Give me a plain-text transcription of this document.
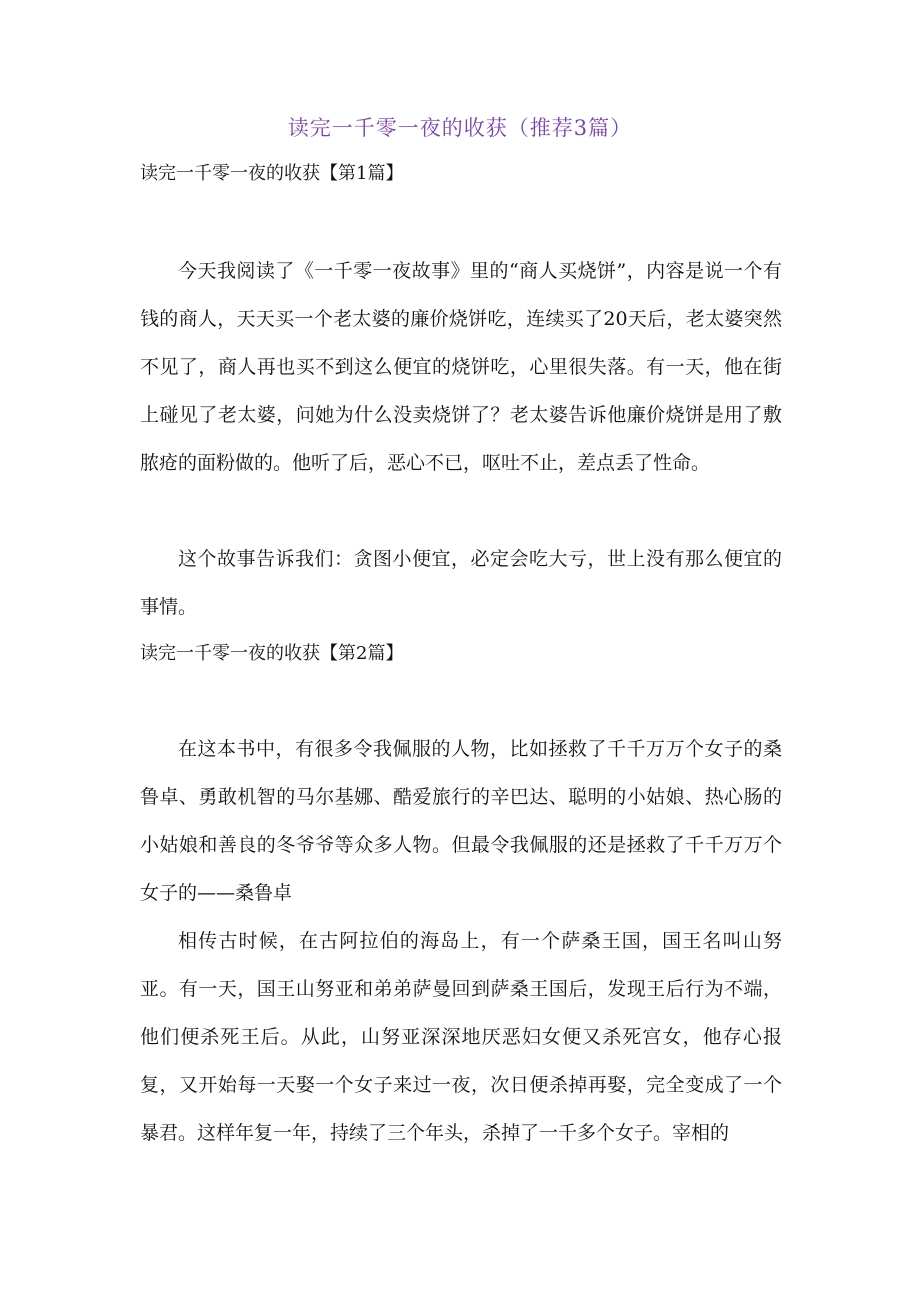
读完一千零一夜的收获（推荐3篇）
读完一千零一夜的收获【第1篇】

今天我阅读了《一千零一夜故事》里的“商人买烧饼”，内容是说一个有钱的商人，天天买一个老太婆的廉价烧饼吃，连续买了20天后，老太婆突然不见了，商人再也买不到这么便宜的烧饼吃，心里很失落。有一天，他在街上碰见了老太婆，问她为什么没卖烧饼了？老太婆告诉他廉价烧饼是用了敷脓疮的面粉做的。他听了后，恶心不已，呕吐不止，差点丢了性命。

这个故事告诉我们：贪图小便宜，必定会吃大亏，世上没有那么便宜的事情。

读完一千零一夜的收获【第2篇】

在这本书中，有很多令我佩服的人物，比如拯救了千千万万个女子的桑鲁卓、勇敢机智的马尔基娜、酷爱旅行的辛巴达、聪明的小姑娘、热心肠的小姑娘和善良的冬爷爷等众多人物。但最令我佩服的还是拯救了千千万万个女子的——桑鲁卓

相传古时候，在古阿拉伯的海岛上，有一个萨桑王国，国王名叫山努亚。有一天，国王山努亚和弟弟萨曼回到萨桑王国后，发现王后行为不端，他们便杀死王后。从此，山努亚深深地厌恶妇女便又杀死宫女，他存心报复，又开始每一天娶一个女子来过一夜，次日便杀掉再娶，完全变成了一个暴君。这样年复一年，持续了三个年头，杀掉了一千多个女子。宰相的
